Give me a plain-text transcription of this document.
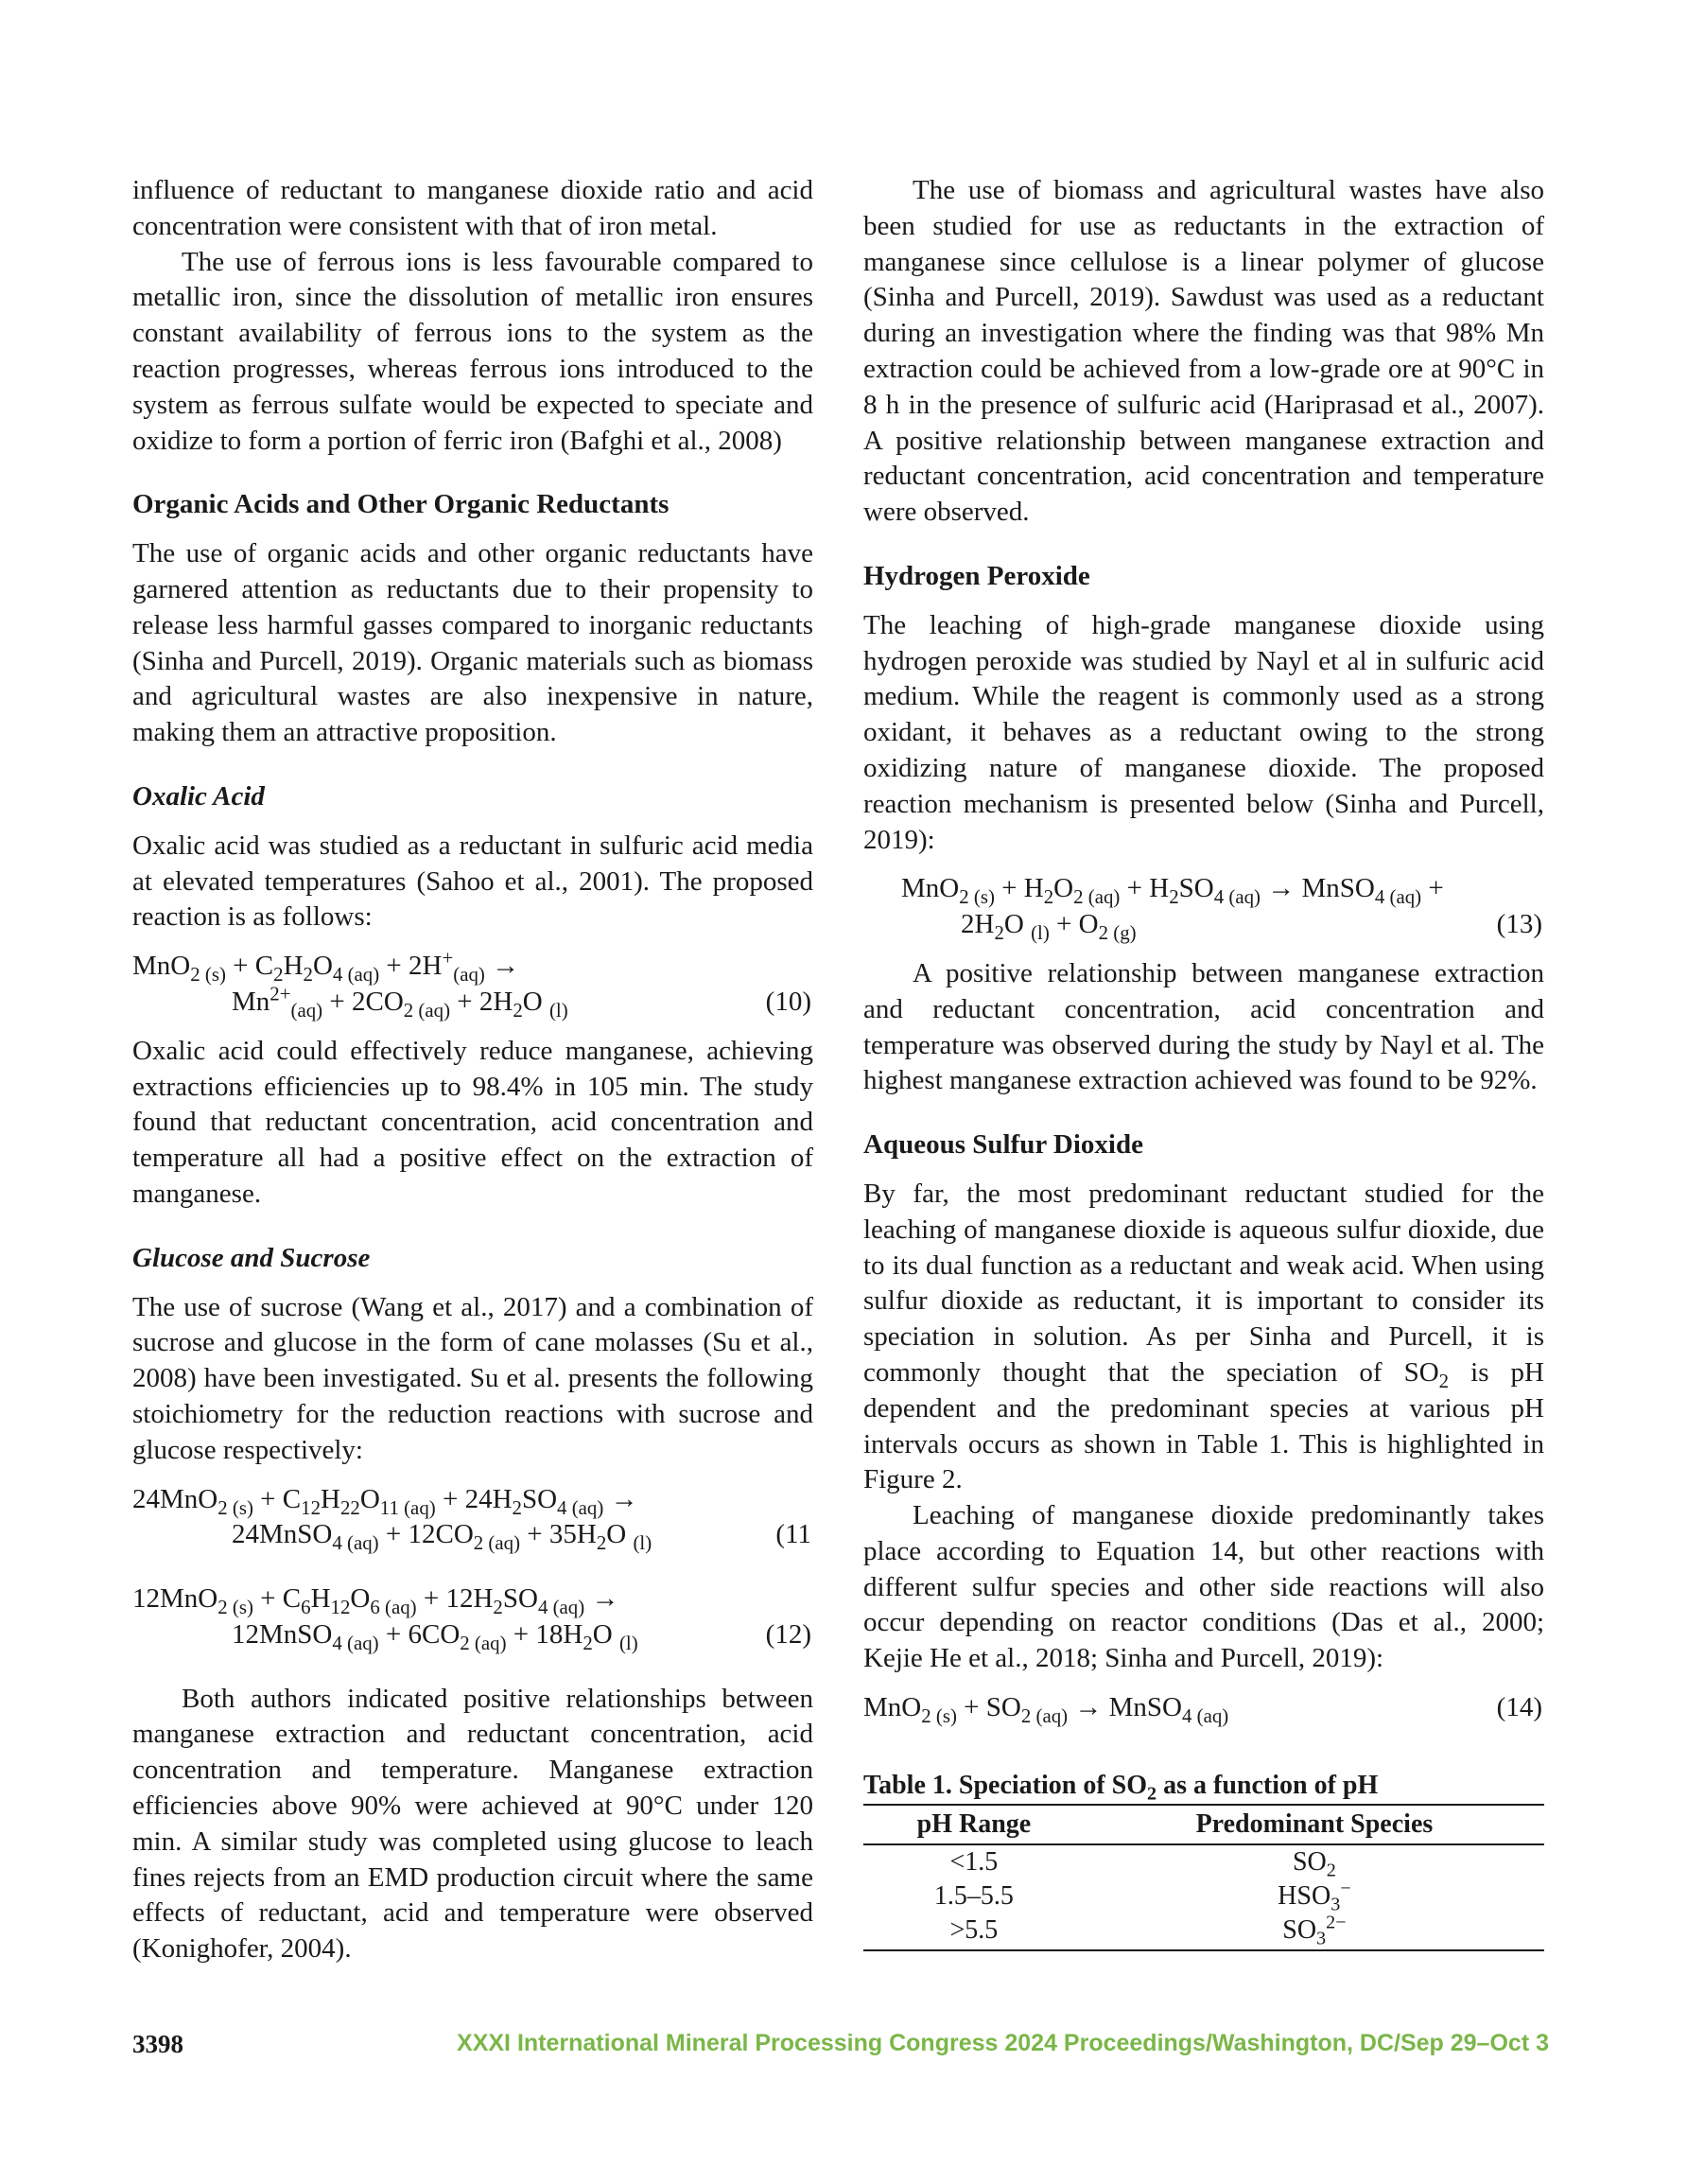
influence of reductant to manganese dioxide ratio and acid concentration were consistent with that of iron metal.

The use of ferrous ions is less favourable compared to metallic iron, since the dissolution of metallic iron ensures constant availability of ferrous ions to the system as the reaction progresses, whereas ferrous ions introduced to the system as ferrous sulfate would be expected to speciate and oxidize to form a portion of ferric iron (Bafghi et al., 2008)

Organic Acids and Other Organic Reductants

The use of organic acids and other organic reductants have garnered attention as reductants due to their propensity to release less harmful gasses compared to inorganic reductants (Sinha and Purcell, 2019). Organic materials such as biomass and agricultural wastes are also inexpensive in nature, making them an attractive proposition.

Oxalic Acid

Oxalic acid was studied as a reductant in sulfuric acid media at elevated temperatures (Sahoo et al., 2001). The proposed reaction is as follows:

$MnO_{2 (s)} + C_2H_2O_{4 (aq)} + 2H^+_{(aq)}$ →
$Mn^{2+}_{(aq)} + 2CO_{2 (aq)} + 2H_2O$ $_{(l)}$	(10)

Oxalic acid could effectively reduce manganese, achieving extractions efficiencies up to 98.4% in 105 min. The study found that reductant concentration, acid concentration and temperature all had a positive effect on the extraction of manganese.

Glucose and Sucrose

The use of sucrose (Wang et al., 2017) and a combination of sucrose and glucose in the form of cane molasses (Su et al., 2008) have been investigated. Su et al. presents the following stoichiometry for the reduction reactions with sucrose and glucose respectively:

$24MnO_{2 (s)} + C_{12}H_{22}O_{11 (aq)} + 24H_2SO_{4 (aq)}$ →
24MnSO$_{4 (aq)}$ + $12CO_{2 (aq)} + 35H_2O$ $_{(l)}$	(11
$12MnO_{2 (s)} + C_6H_{12}O_{6 (aq)} + 12H_2SO_{4 (aq)}$ →
12MnSO$_{4 (aq)}$ + $6CO_{2 (aq)} + 18H_2O$ $_{(l)}$	(12)

Both authors indicated positive relationships between manganese extraction and reductant concentration, acid concentration and temperature. Manganese extraction efficiencies above 90% were achieved at 90°C under 120 min. A similar study was completed using glucose to leach fines rejects from an EMD production circuit where the same effects of reductant, acid and temperature were observed (Konighofer, 2004).

The use of biomass and agricultural wastes have also been studied for use as reductants in the extraction of manganese since cellulose is a linear polymer of glucose (Sinha and Purcell, 2019). Sawdust was used as a reductant during an investigation where the finding was that 98% Mn extraction could be achieved from a low-grade ore at 90°C in 8 h in the presence of sulfuric acid (Hariprasad et al., 2007). A positive relationship between manganese extraction and reductant concentration, acid concentration and temperature were observed.

Hydrogen Peroxide

The leaching of high-grade manganese dioxide using hydrogen peroxide was studied by Nayl et al in sulfuric acid medium. While the reagent is commonly used as a strong oxidant, it behaves as a reductant owing to the strong oxidizing nature of manganese dioxide. The proposed reaction mechanism is presented below (Sinha and Purcell, 2019):

$MnO_{2 (s)} + H_2O_{2 (aq)} + H_2SO_{4 (aq)}$ → MnSO$_{4 (aq)}$ +
$2H_2O$ $_{(l)} + O_{2 (g)}$	(13)

A positive relationship between manganese extraction and reductant concentration, acid concentration and temperature was observed during the study by Nayl et al. The highest manganese extraction achieved was found to be 92%.

Aqueous Sulfur Dioxide

By far, the most predominant reductant studied for the leaching of manganese dioxide is aqueous sulfur dioxide, due to its dual function as a reductant and weak acid. When using sulfur dioxide as reductant, it is important to consider its speciation in solution. As per Sinha and Purcell, it is commonly thought that the speciation of $SO_2$ is pH dependent and the predominant species at various pH intervals occurs as shown in Table 1. This is highlighted in Figure 2.

Leaching of manganese dioxide predominantly takes place according to Equation 14, but other reactions with different sulfur species and other side reactions will also occur depending on reactor conditions (Das et al., 2000; Kejie He et al., 2018; Sinha and Purcell, 2019):

$MnO_{2 (s)} + SO_{2 (aq)}$ → MnSO$_{4 (aq)}$	(14)

Table 1. Speciation of $SO_2$ as a function of pH

pH Range	Predominant Species
<1.5	$SO_2$
1.5–5.5	$HSO_3^-$
>5.5	$SO_3^{2-}$
3398	XXXI International Mineral Processing Congress 2024 Proceedings/Washington, DC/Sep 29–Oct 3
